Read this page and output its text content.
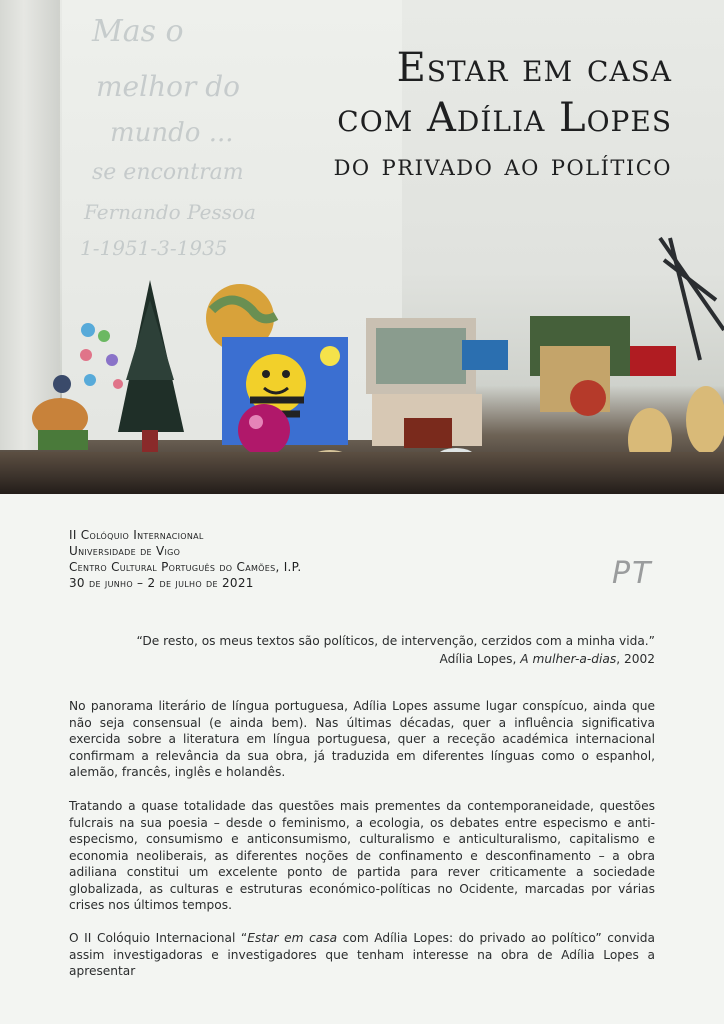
Mas o
melhor do
mundo ...
se encontram
Fernando Pessoa
1-1951-3-1935
Estar em casa
com Adília Lopes
do privado ao político
II Colóquio Internacional
Universidade de Vigo
Centro Cultural Português do Camões, I.P.
30 de junho – 2 de julho de 2021	PT
“De resto, os meus textos são políticos, de intervenção, cerzidos com a minha vida.”
Adília Lopes, A mulher-a-dias, 2002
No panorama literário de língua portuguesa, Adília Lopes assume lugar conspícuo, ainda que não seja consensual (e ainda bem). Nas últimas décadas, quer a influência significativa exercida sobre a literatura em língua portuguesa, quer a receção académica internacional confirmam a relevância da sua obra, já traduzida em diferentes línguas como o espanhol, alemão, francês, inglês e holandês.
Tratando a quase totalidade das questões mais prementes da contemporaneidade, questões fulcrais na sua poesia – desde o feminismo, a ecologia, os debates entre especismo e anti-especismo, consumismo e anticonsumismo, culturalismo e anticulturalismo, capitalismo e economia neoliberais, as diferentes noções de confinamento e desconfinamento – a obra adiliana constitui um excelente ponto de partida para rever criticamente a sociedade globalizada, as culturas e estruturas económico-políticas no Ocidente, marcadas por várias crises nos últimos tempos.
O II Colóquio Internacional “Estar em casa com Adília Lopes: do privado ao político” convida assim investigadoras e investigadores que tenham interesse na obra de Adília Lopes a apresentar
